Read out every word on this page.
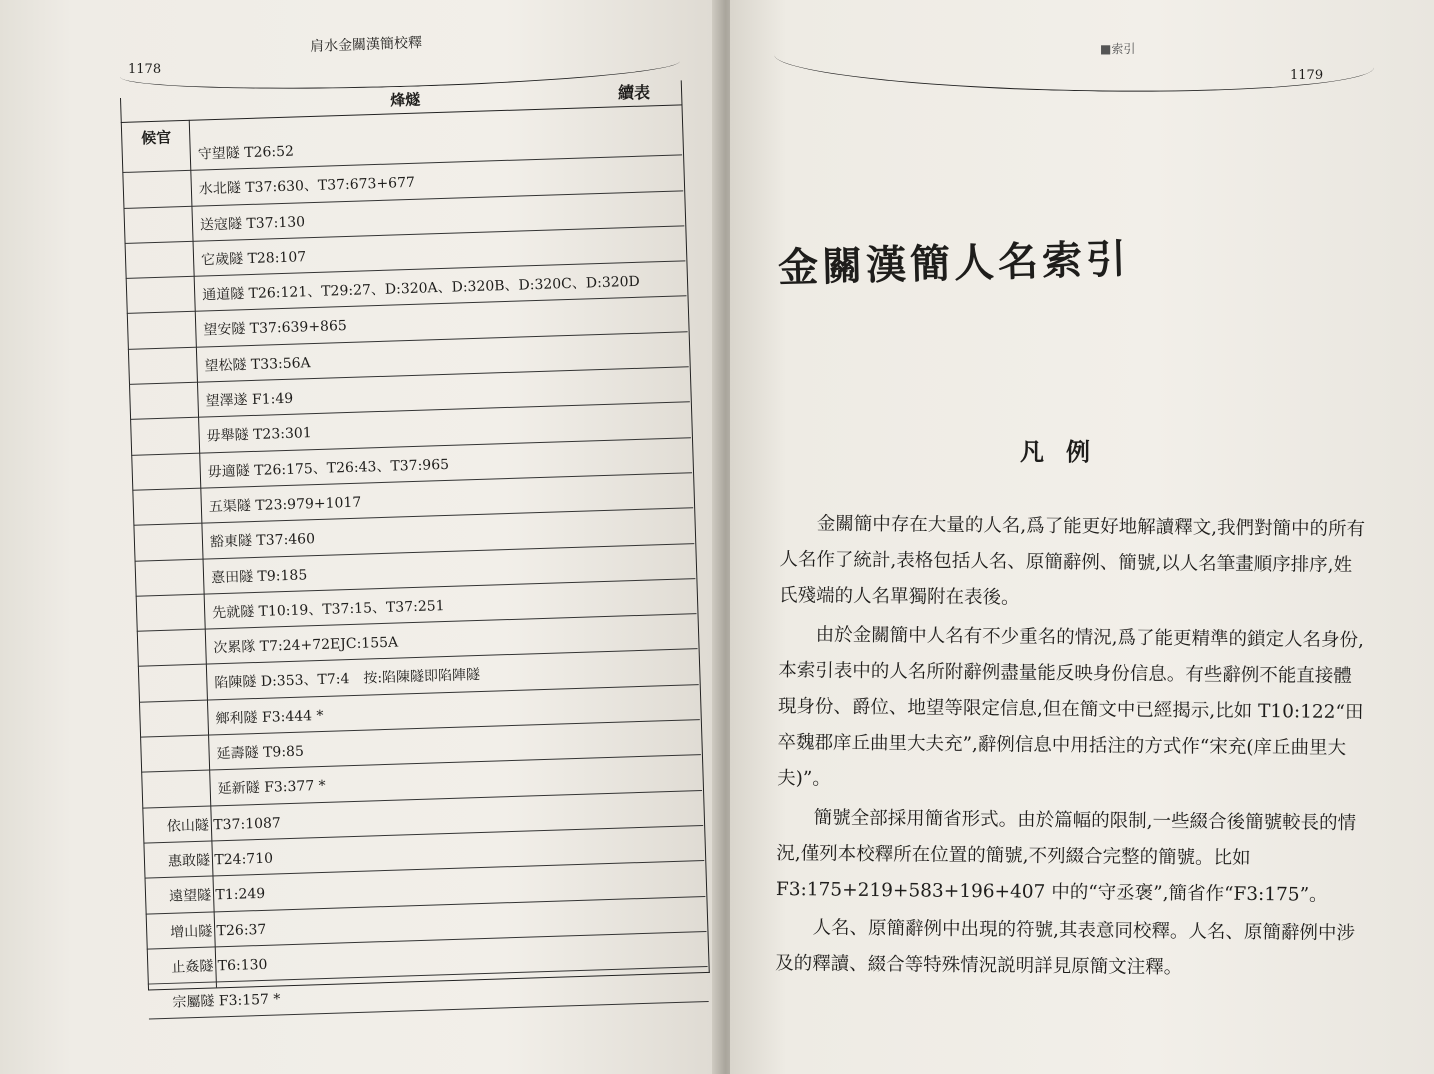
肩水金關漢簡校釋
1178
續表
烽燧
候官
守望隧 T26:52
水北隧 T37:630、T37:673+677
送寇隧 T37:130
它歲隧 T28:107
通道隧 T26:121、T29:27、D:320A、D:320B、D:320C、D:320D
望安隧 T37:639+865
望松隧 T33:56A
望澤遂 F1:49
毋舉隧 T23:301
毋適隧 T26:175、T26:43、T37:965
五渠隧 T23:979+1017
豁東隧 T37:460
憙田隧 T9:185
先就隧 T10:19、T37:15、T37:251
次累隊 T7:24+72EJC:155A
陷陳隧 D:353、T7:4　按:陷陳隧即陷陣隧
鄉利隧 F3:444 *
延壽隧 T9:85
延新隧 F3:377 *
依山隧 T37:1087
惠敢隧 T24:710
遠望隧 T1:249
增山隧 T26:37
止姦隧 T6:130
宗屬隧 F3:157 *
■索引
1179
金關漢簡人名索引
凡例

金關簡中存在大量的人名,爲了能更好地解讀釋文,我們對簡中的所有人名作了統計,表格包括人名、原簡辭例、簡號,以人名筆畫順序排序,姓氏殘端的人名單獨附在表後。

由於金關簡中人名有不少重名的情況,爲了能更精準的鎖定人名身份,本索引表中的人名所附辭例盡量能反映身份信息。有些辭例不能直接體現身份、爵位、地望等限定信息,但在簡文中已經揭示,比如 T10:122“田卒魏郡庠丘曲里大夫充”,辭例信息中用括注的方式作“宋充(庠丘曲里大夫)”。

簡號全部採用簡省形式。由於篇幅的限制,一些綴合後簡號較長的情況,僅列本校釋所在位置的簡號,不列綴合完整的簡號。比如 F3:175+219+583+196+407 中的“守丞褒”,簡省作“F3:175”。

人名、原簡辭例中出現的符號,其表意同校釋。人名、原簡辭例中涉及的釋讀、綴合等特殊情況説明詳見原簡文注釋。
